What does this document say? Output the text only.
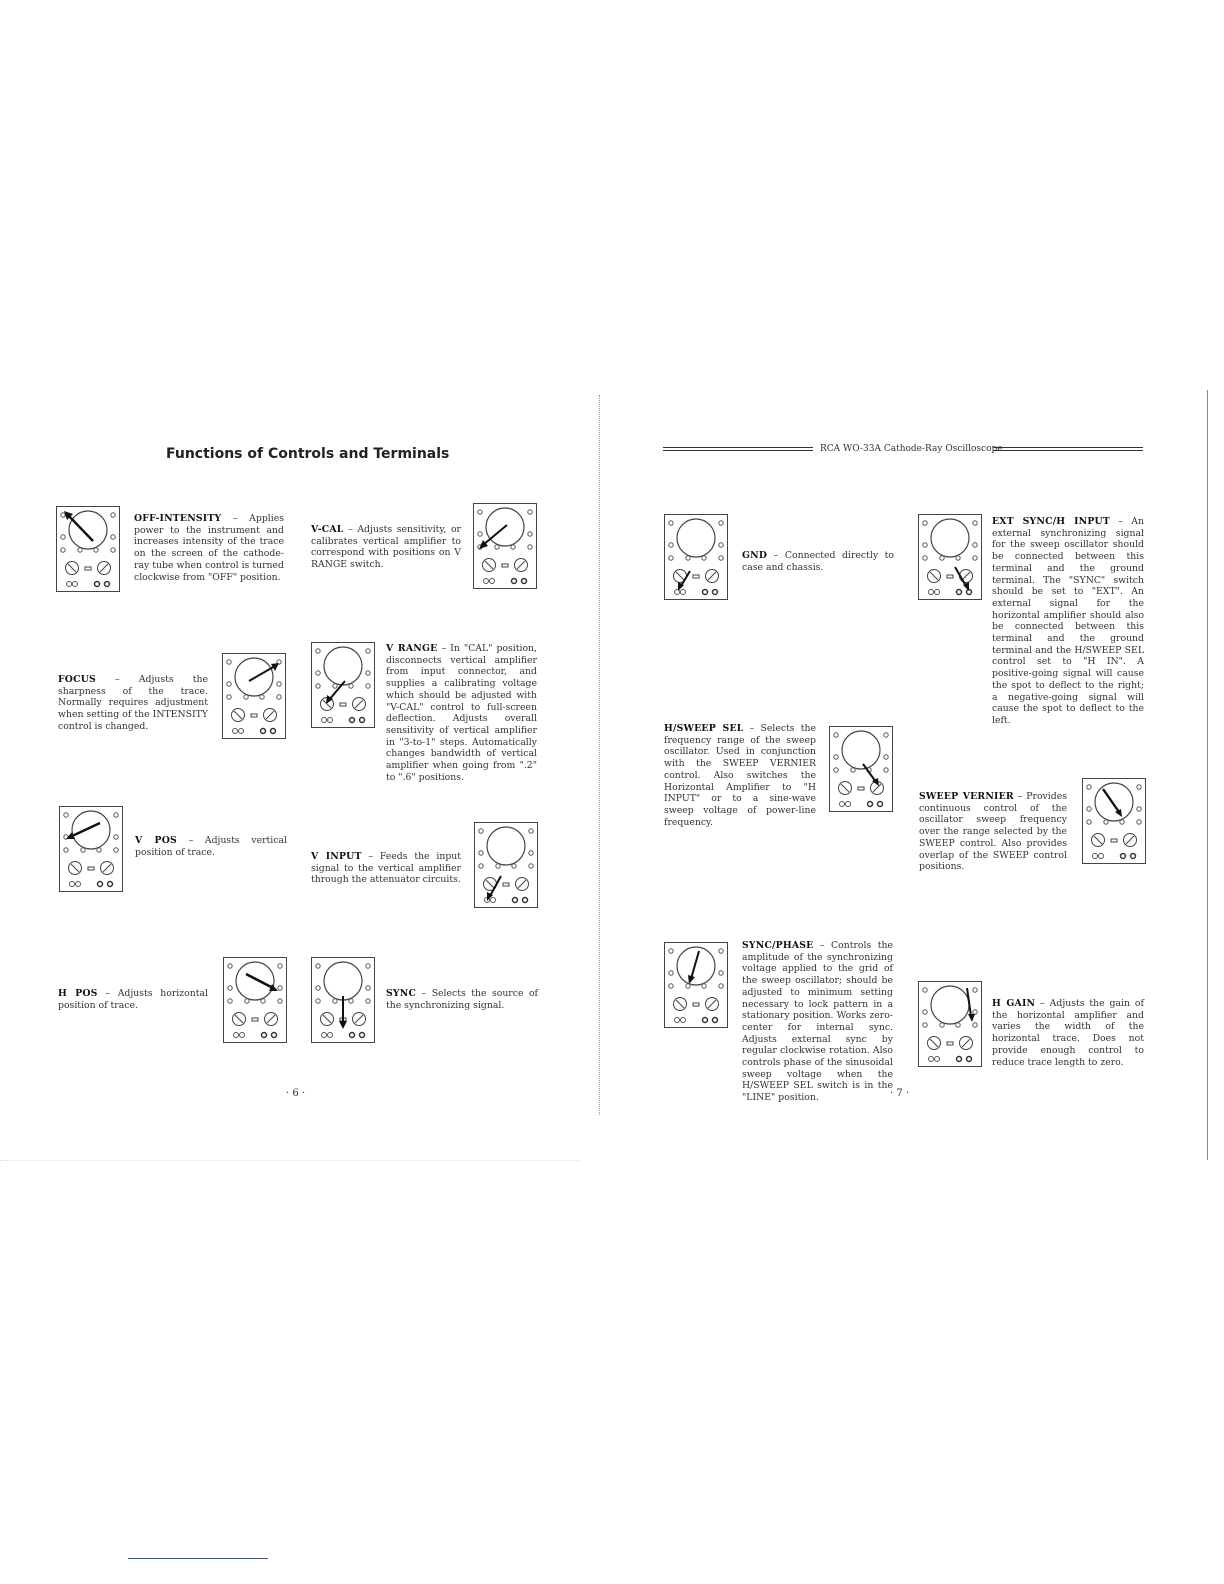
Functions of Controls and Terminals
OFF-INTENSITY – Applies power to the instrument and increases intensity of the trace on the screen of the cathode-ray tube when control is turned clockwise from "OFF" position.
V-CAL – Adjusts sensitivity, or calibrates vertical amplifier to correspond with positions on V RANGE switch.
FOCUS – Adjusts the sharpness of the trace. Normally requires adjustment when setting of the INTENSITY control is changed.
V RANGE – In "CAL" position, disconnects vertical amplifier from input connector, and supplies a calibrating voltage which should be adjusted with "V-CAL" control to full-screen deflection. Adjusts overall sensitivity of vertical amplifier in "3-to-1" steps. Automatically changes bandwidth of vertical amplifier when going from ".2" to ".6" positions.
V POS – Adjusts vertical position of trace.	V INPUT – Feeds the input signal to the vertical amplifier through the attenuator circuits.
H POS – Adjusts horizontal position of trace.
SYNC – Selects the source of the synchronizing signal.
· 6 ·
RCA WO-33A Cathode-Ray Oscilloscope
GND – Connected directly to case and chassis.
EXT SYNC/H INPUT – An external synchronizing signal for the sweep oscillator should be connected between this terminal and the ground terminal. The "SYNC" switch should be set to "EXT". An external signal for the horizontal amplifier should also be connected between this terminal and the ground terminal and the H/SWEEP SEL control set to "H IN". A positive-going signal will cause the spot to deflect to the right; a negative-going signal will cause the spot to deflect to the left.
H/SWEEP SEL – Selects the frequency range of the sweep oscillator. Used in conjunction with the SWEEP VERNIER control. Also switches the Horizontal Amplifier to "H INPUT" or to a sine-wave sweep voltage of power-line frequency.
SWEEP VERNIER – Provides continuous control of the oscillator sweep frequency over the range selected by the SWEEP control. Also provides overlap of the SWEEP control positions.
SYNC/PHASE – Controls the amplitude of the synchronizing voltage applied to the grid of the sweep oscillator; should be adjusted to minimum setting necessary to lock pattern in a stationary position. Works zero-center for internal sync. Adjusts external sync by regular clockwise rotation. Also controls phase of the sinusoidal sweep voltage when the H/SWEEP SEL switch is in the "LINE" position.
H GAIN – Adjusts the gain of the horizontal amplifier and varies the width of the horizontal trace. Does not provide enough control to reduce trace length to zero.
· 7 ·
